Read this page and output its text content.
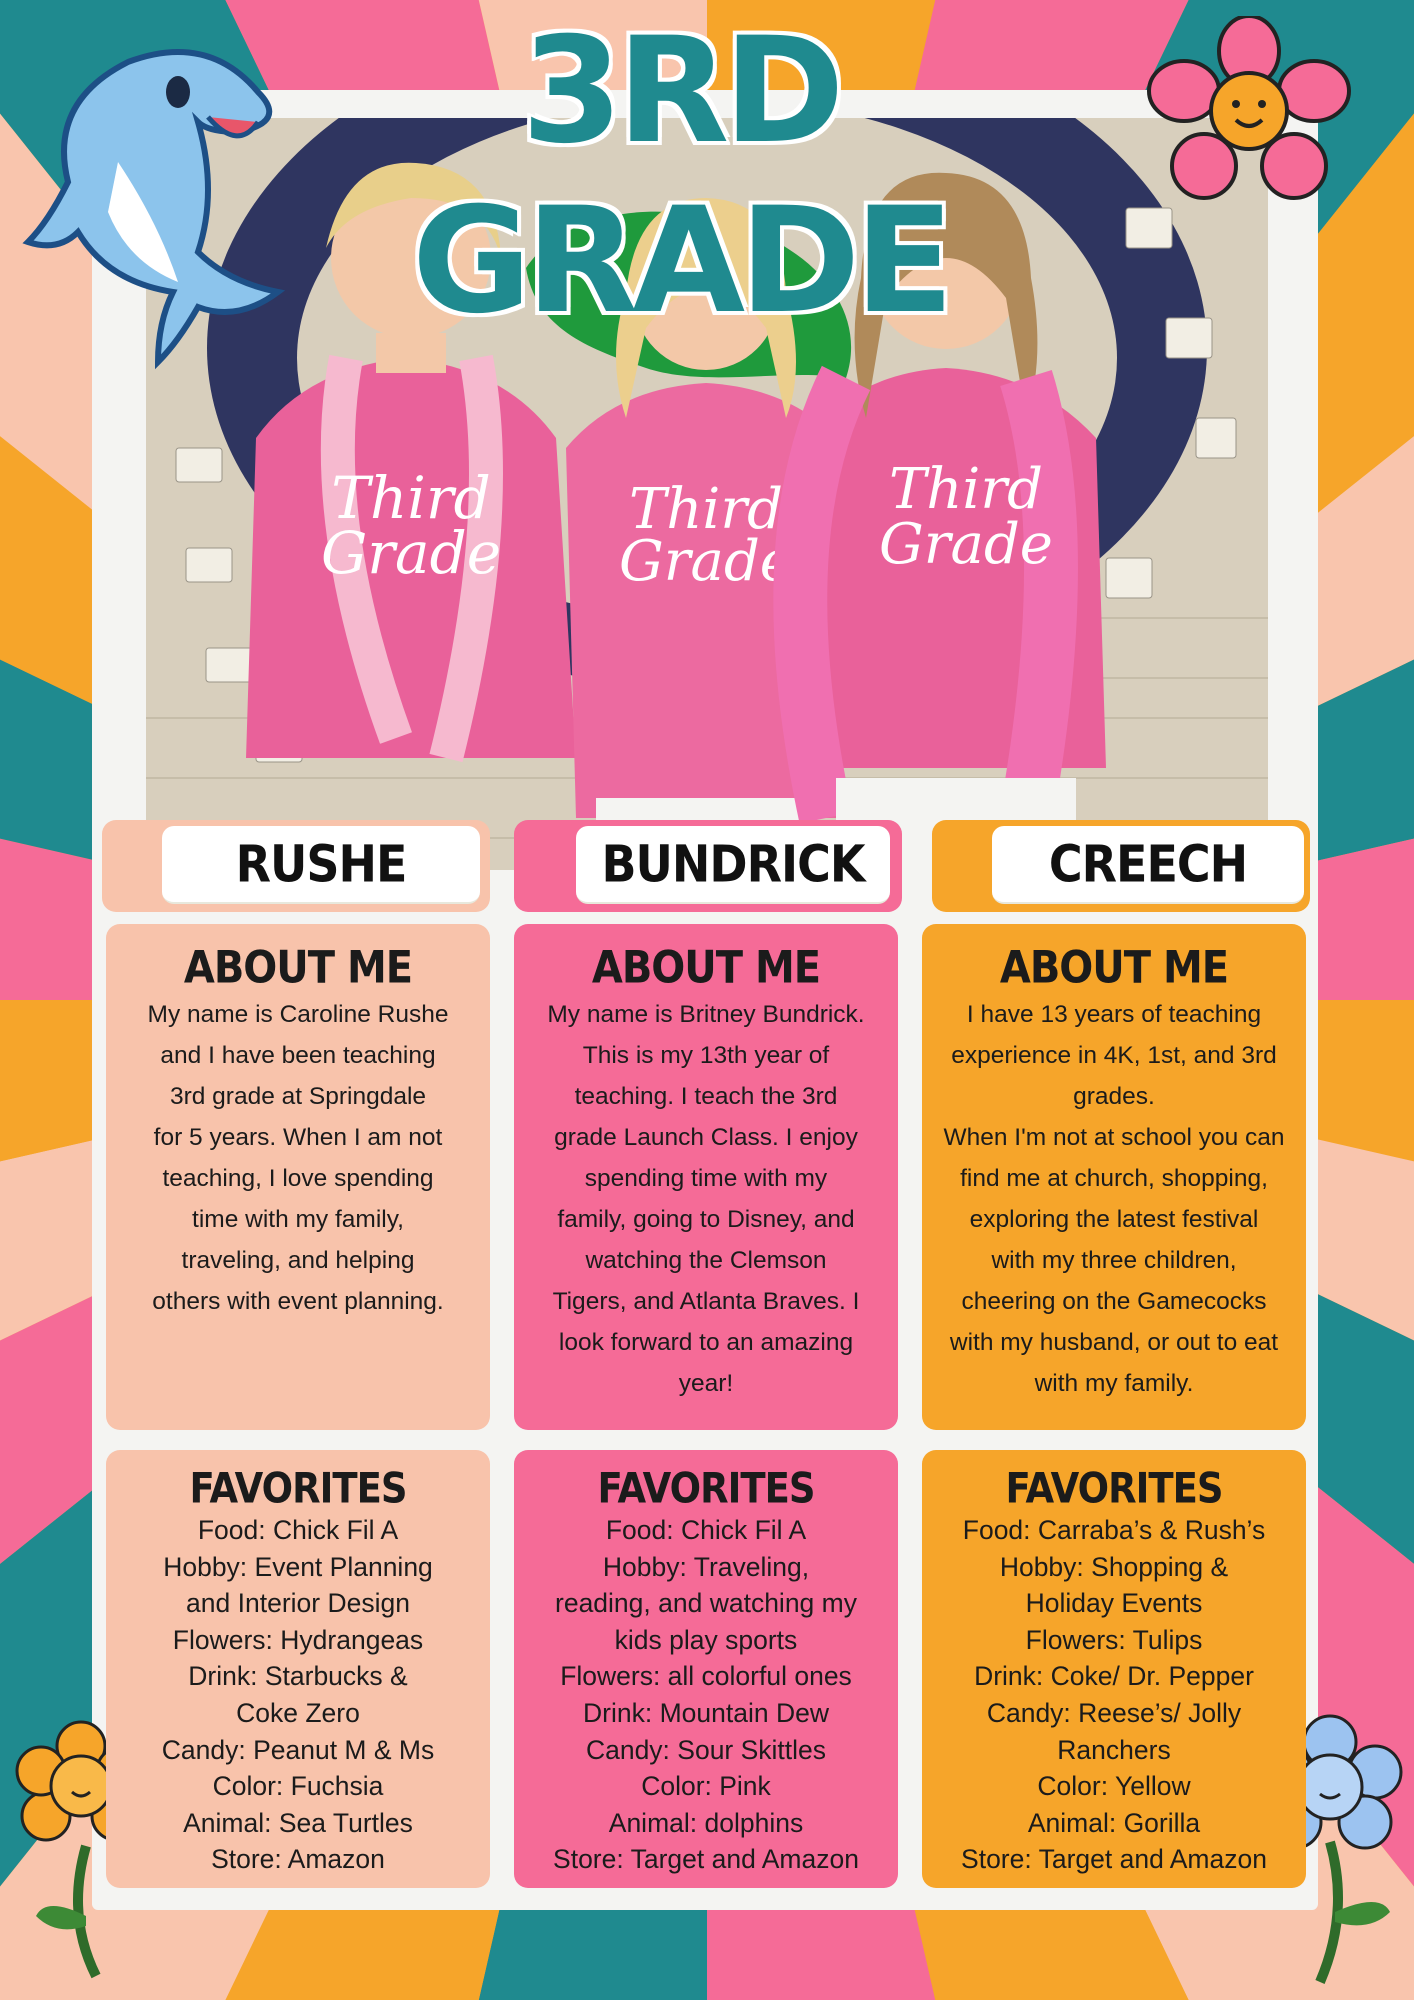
Third
Grade
Third
Grade
Third
Grade
3RD GRADE
RUSHE	BUNDRICK	CREECH
ABOUT ME

My name is Caroline Rushe
and I have been teaching
3rd grade at Springdale
for 5 years. When I am not
teaching, I love spending
time with my family,
traveling, and helping
others with event planning.

ABOUT ME

My name is Britney Bundrick.
This is my 13th year of
teaching. I teach the 3rd
grade Launch Class. I enjoy
spending time with my
family, going to Disney, and
watching the Clemson
Tigers, and Atlanta Braves. I
look forward to an amazing
year!

ABOUT ME

I have 13 years of teaching
experience in 4K, 1st, and 3rd
grades.
When I'm not at school you can
find me at church, shopping,
exploring the latest festival
with my three children,
cheering on the Gamecocks
with my husband, or out to eat
with my family.

FAVORITES
Food: Chick Fil A
Hobby: Event Planning
and Interior Design
Flowers: Hydrangeas
Drink: Starbucks &
Coke Zero
Candy: Peanut M & Ms
Color: Fuchsia
Animal: Sea Turtles
Store: Amazon
FAVORITES
Food: Chick Fil A
Hobby: Traveling,
reading, and watching my
kids play sports
Flowers: all colorful ones
Drink: Mountain Dew
Candy: Sour Skittles
Color: Pink
Animal: dolphins
Store: Target and Amazon
FAVORITES
Food: Carraba’s & Rush’s
Hobby: Shopping &
Holiday Events
Flowers: Tulips
Drink: Coke/ Dr. Pepper
Candy: Reese’s/ Jolly
Ranchers
Color: Yellow
Animal: Gorilla
Store: Target and Amazon
